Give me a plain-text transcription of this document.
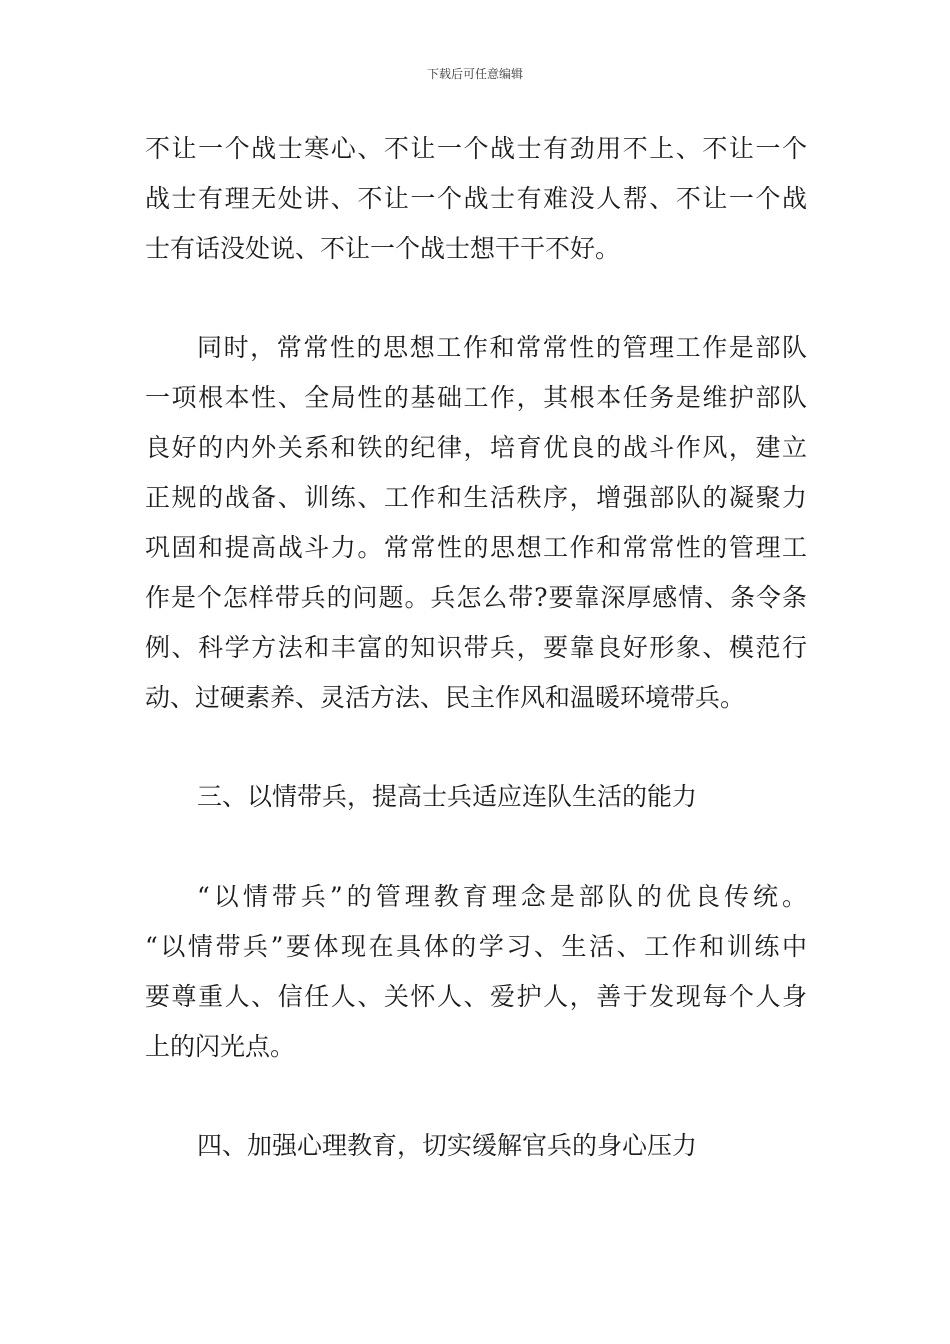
下载后可任意编辑
不让一个战士寒心、不让一个战士有劲用不上、不让一个
战士有理无处讲、不让一个战士有难没人帮、不让一个战
士有话没处说、不让一个战士想干干不好。
同时，常常性的思想工作和常常性的管理工作是部队
一项根本性、全局性的基础工作，其根本任务是维护部队
良好的内外关系和铁的纪律，培育优良的战斗作风，建立
正规的战备、训练、工作和生活秩序，增强部队的凝聚力
巩固和提高战斗力。常常性的思想工作和常常性的管理工
作是个怎样带兵的问题。兵怎么带?要靠深厚感情、条令条
例、科学方法和丰富的知识带兵，要靠良好形象、模范行
动、过硬素养、灵活方法、民主作风和温暖环境带兵。
三、以情带兵，提高士兵适应连队生活的能力
“以情带兵”的管理教育理念是部队的优良传统。
“以情带兵”要体现在具体的学习、生活、工作和训练中
要尊重人、信任人、关怀人、爱护人，善于发现每个人身
上的闪光点。
四、加强心理教育，切实缓解官兵的身心压力
